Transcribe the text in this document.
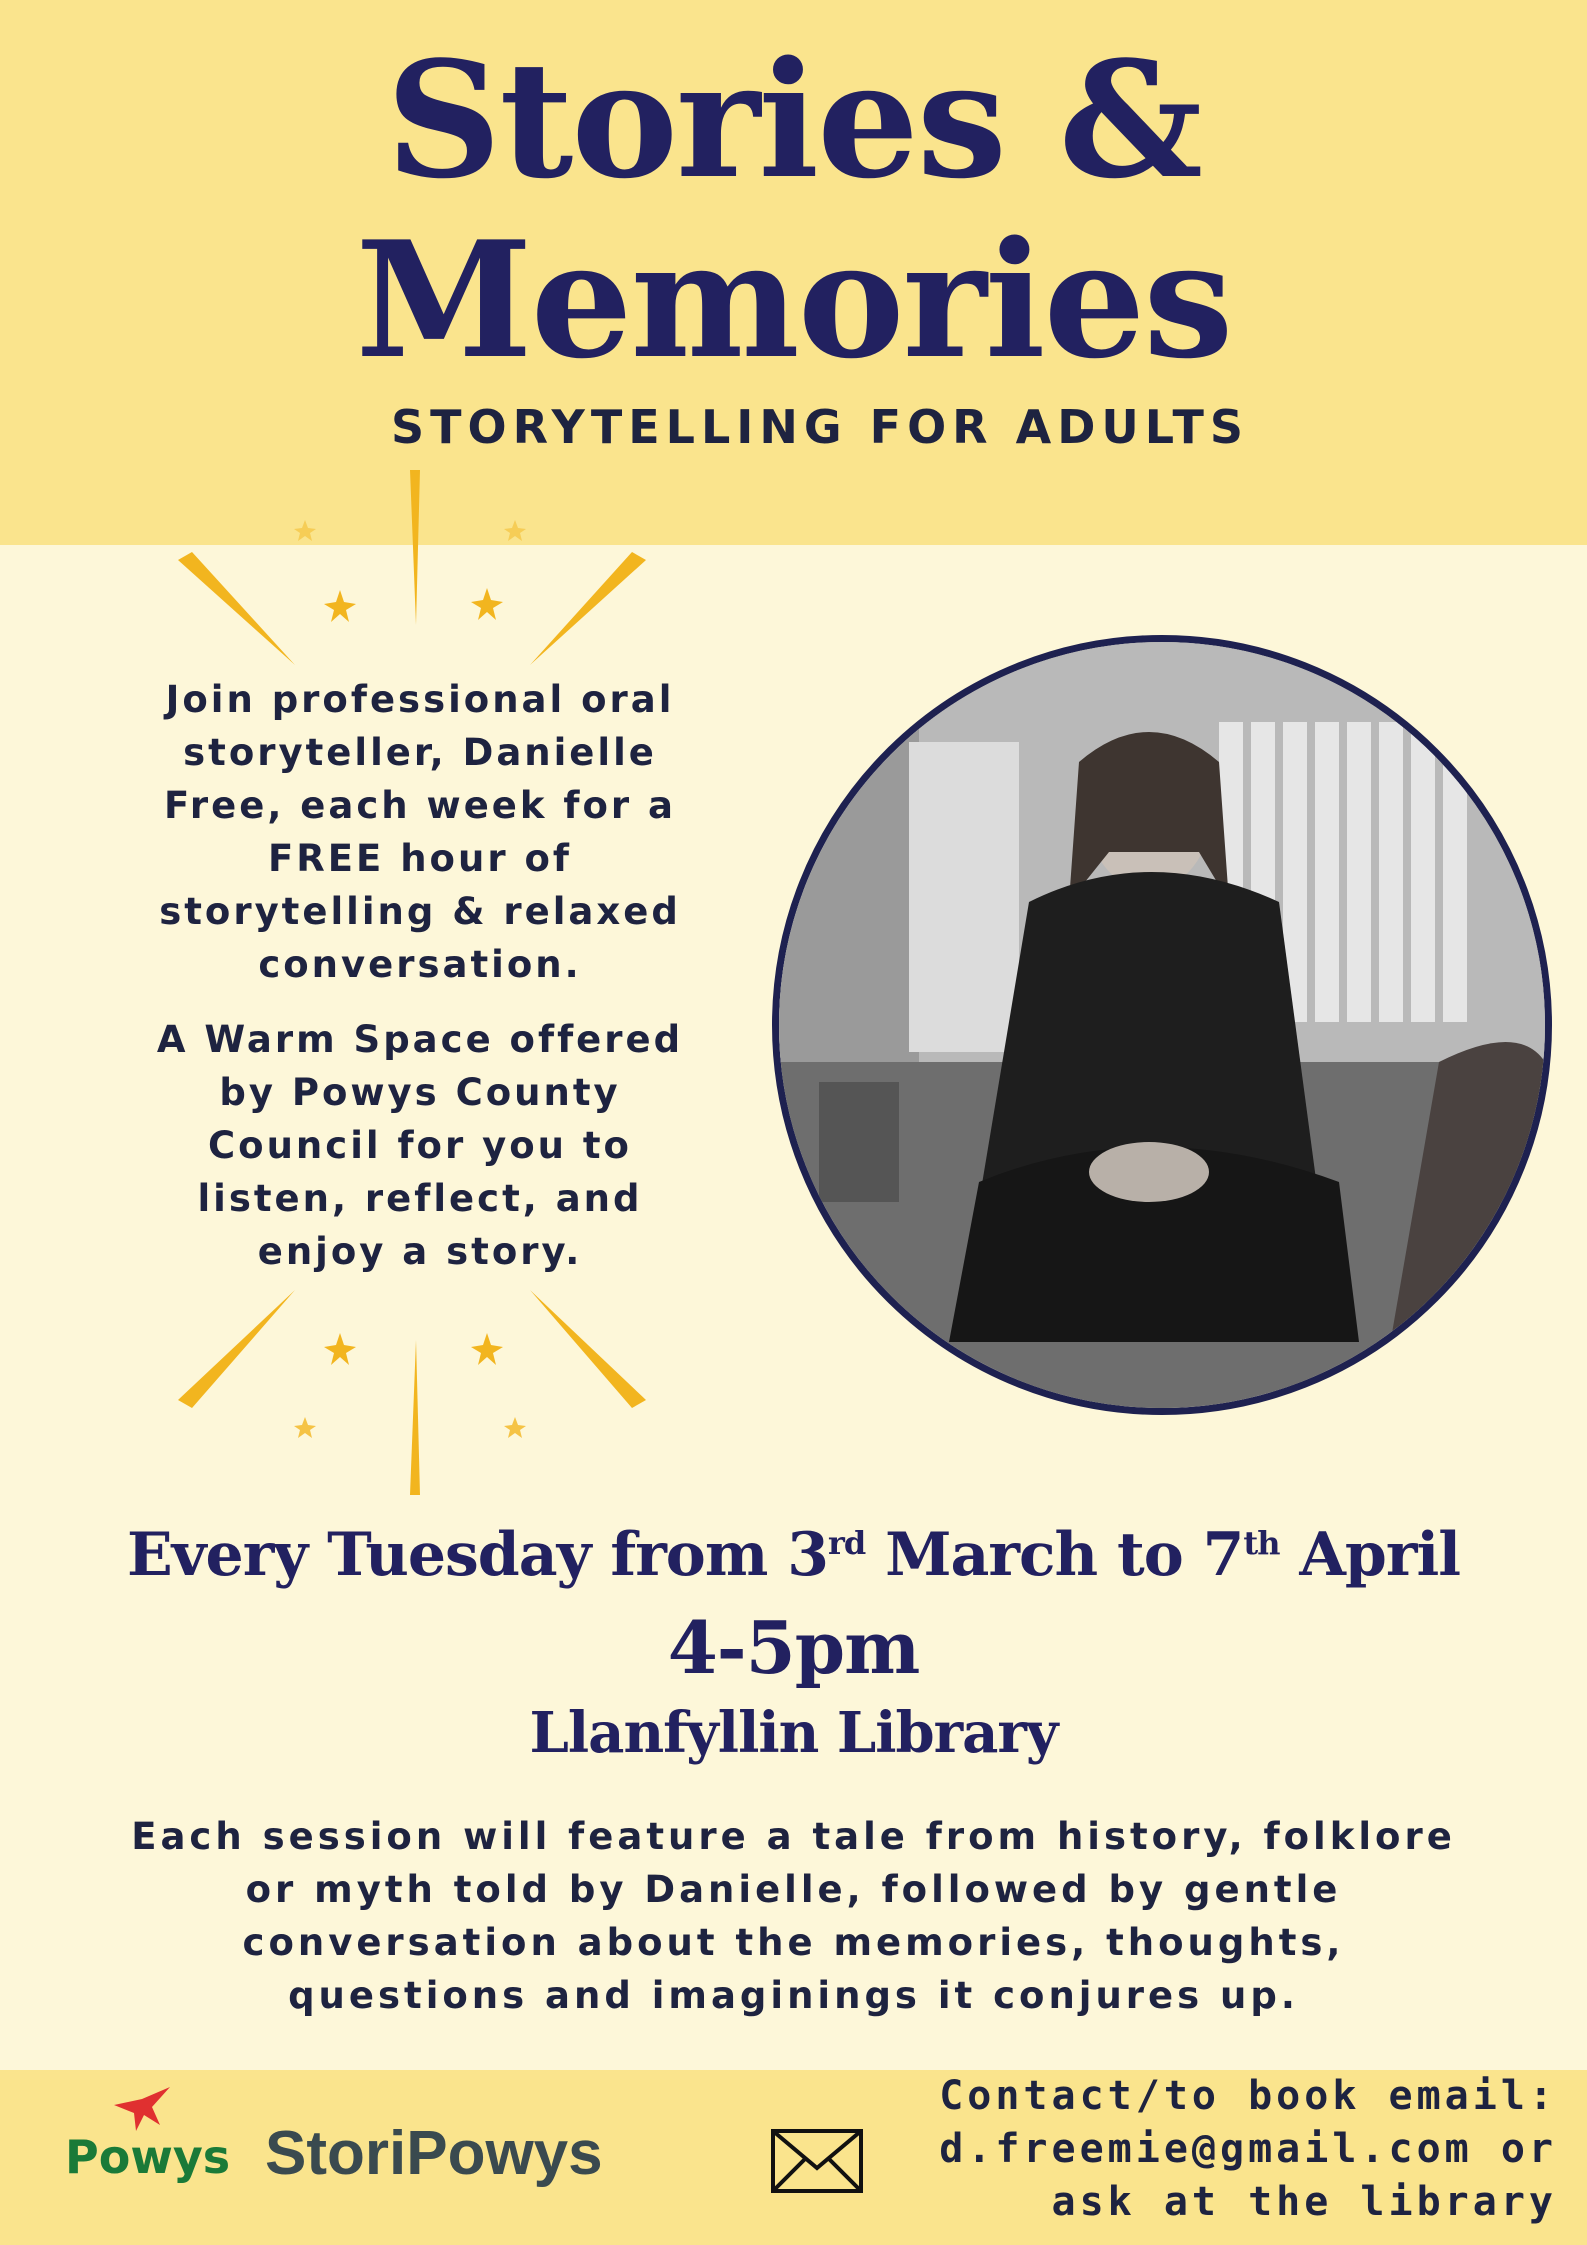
Stories &
Memories
STORYTELLING FOR ADULTS
Join professional oral
storyteller, Danielle
Free, each week for a
FREE hour of
storytelling & relaxed
conversation.
A Warm Space offered
by Powys County
Council for you to
listen, reflect, and
enjoy a story.
Every Tuesday from 3rd March to 7th April
4-5pm
Llanfyllin Library
Each session will feature a tale from history, folklore
or myth told by Danielle, followed by gentle
conversation about the memories, thoughts,
questions and imaginings it conjures up.
Powys StoriPowys
Contact/to book email:
d.freemie@gmail.com or
ask at the library
